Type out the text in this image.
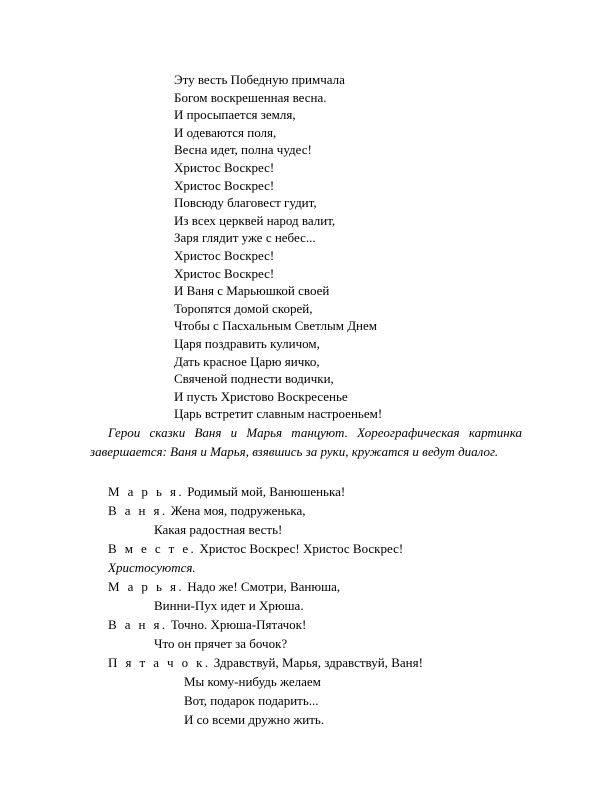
Эту весть Победную примчала
Богом воскрешенная весна.
И просыпается земля,
И одеваются поля,
Весна идет, полна чудес!
Христос Воскрес!
Христос Воскрес!
Повсюду благовест гудит,
Из всех церквей народ валит,
Заря глядит уже с небес...
Христос Воскрес!
Христос Воскрес!
И Ваня с Марьюшкой своей
Торопятся домой скорей,
Чтобы с Пасхальным Светлым Днем
Царя поздравить куличом,
Дать красное Царю яичко,
Свяченой поднести водички,
И пусть Христово Воскресенье
Царь встретит славным настроеньем!
Герои сказки Ваня и Марья танцуют. Хореографическая картинка завершается: Ваня и Марья, взявшись за руки, кружатся и ведут диалог.
М а р ь я. Родимый мой, Ванюшенька!
В а н я. Жена моя, подруженька,
Какая радостная весть!
В м е с т е. Христос Воскрес! Христос Воскрес!
Христосуются.
М а р ь я. Надо же! Смотри, Ванюша,
Винни-Пух идет и Хрюша.
В а н я. Точно. Хрюша-Пятачок!
Что он прячет за бочок?
П я т а ч о к. Здравствуй, Марья, здравствуй, Ваня!
Мы кому-нибудь желаем
Вот, подарок подарить...
И со всеми дружно жить.
